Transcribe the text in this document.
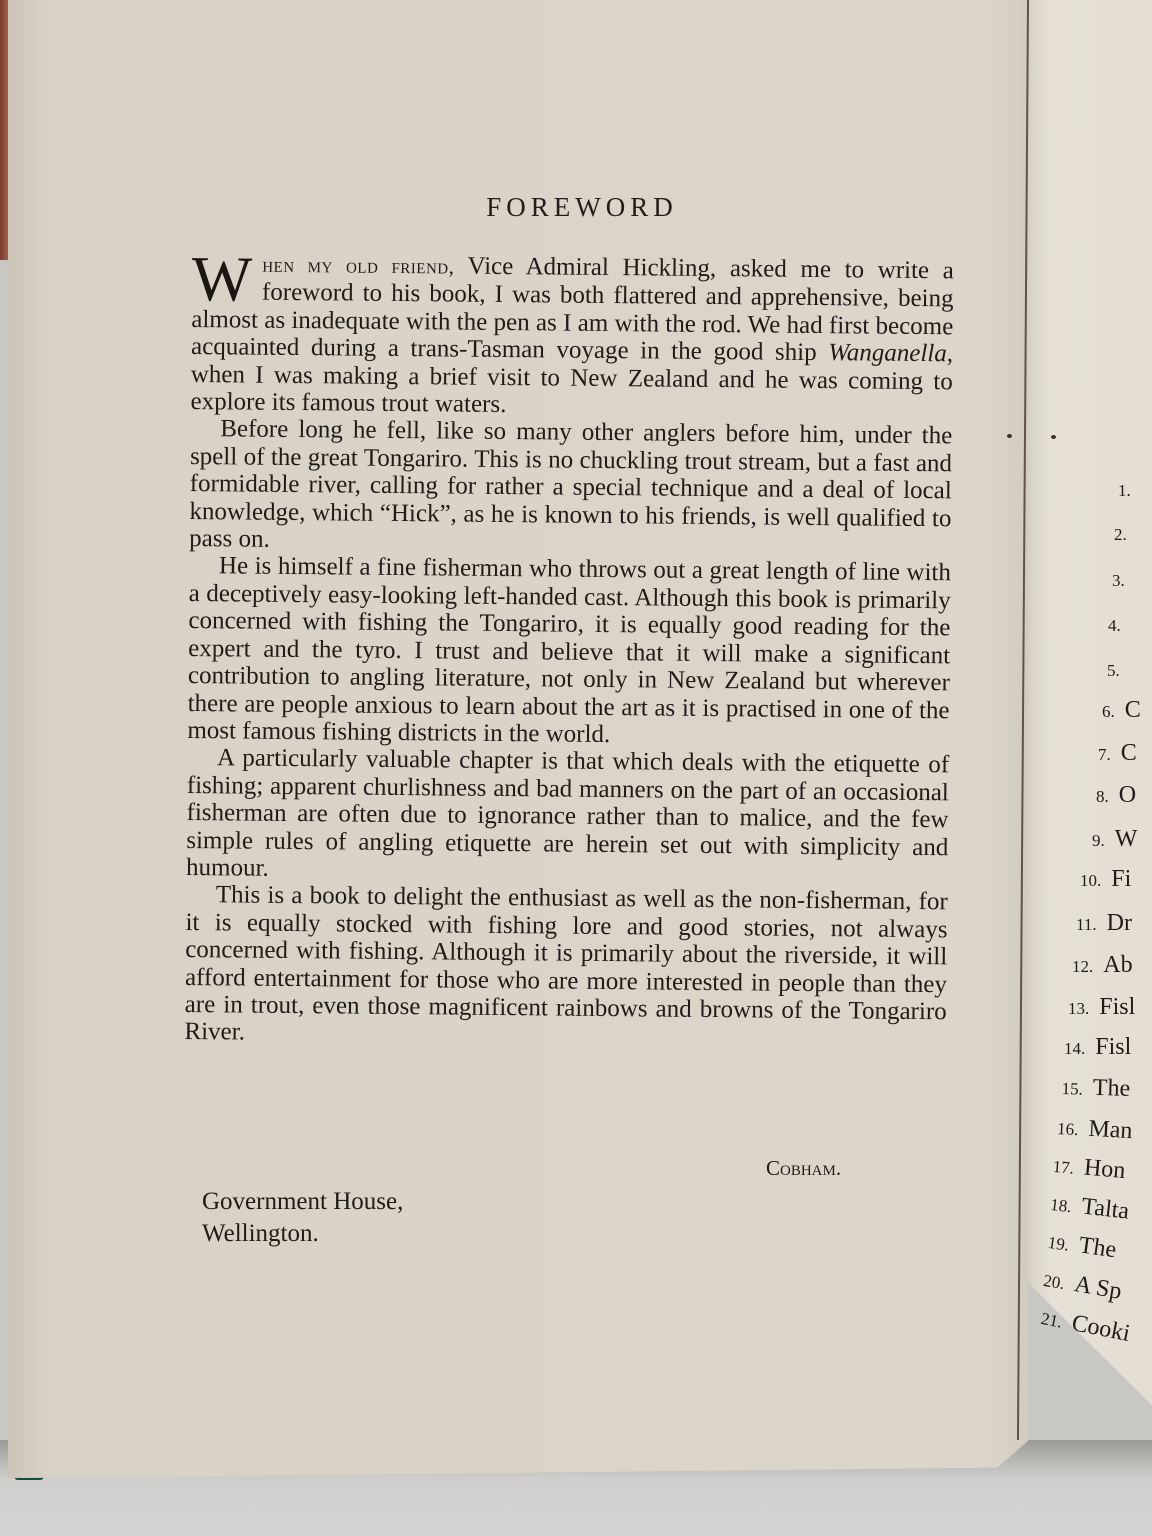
FOREWORD

When my old friend, Vice Admiral Hickling, asked me to write a foreword to his book, I was both flattered and apprehensive, being almost as inadequate with the pen as I am with the rod. We had first become acquainted during a trans-Tasman voyage in the good ship Wanganella, when I was making a brief visit to New Zealand and he was coming to explore its famous trout waters.

Before long he fell, like so many other anglers before him, under the spell of the great Tongariro. This is no chuckling trout stream, but a fast and formidable river, calling for rather a special technique and a deal of local knowledge, which “Hick”, as he is known to his friends, is well qualified to pass on.

He is himself a fine fisherman who throws out a great length of line with a deceptively easy-looking left-handed cast. Although this book is primarily concerned with fishing the Tongariro, it is equally good reading for the expert and the tyro. I trust and believe that it will make a significant contribution to angling literature, not only in New Zealand but wherever there are people anxious to learn about the art as it is practised in one of the most famous fishing districts in the world.

A particularly valuable chapter is that which deals with the etiquette of fishing; apparent churlishness and bad manners on the part of an occasional fisherman are often due to ignorance rather than to malice, and the few simple rules of angling etiquette are herein set out with simplicity and humour.

This is a book to delight the enthusiast as well as the non-fisherman, for it is equally stocked with fishing lore and good stories, not always concerned with fishing. Although it is primarily about the riverside, it will afford entertainment for those who are more interested in people than they are in trout, even those magnificent rainbows and browns of the Tongariro River.

Cobham.
Government House,
Wellington.
1.
2.
3.
4.
5.
6. C
7. C
8. O
9. W
10. Fi
11. Dr
12. Ab
13. Fisl
14. Fisl
15. The
16. Man
17. Hon
18. Talta
19. The
20. A Sp
21. Cooki
